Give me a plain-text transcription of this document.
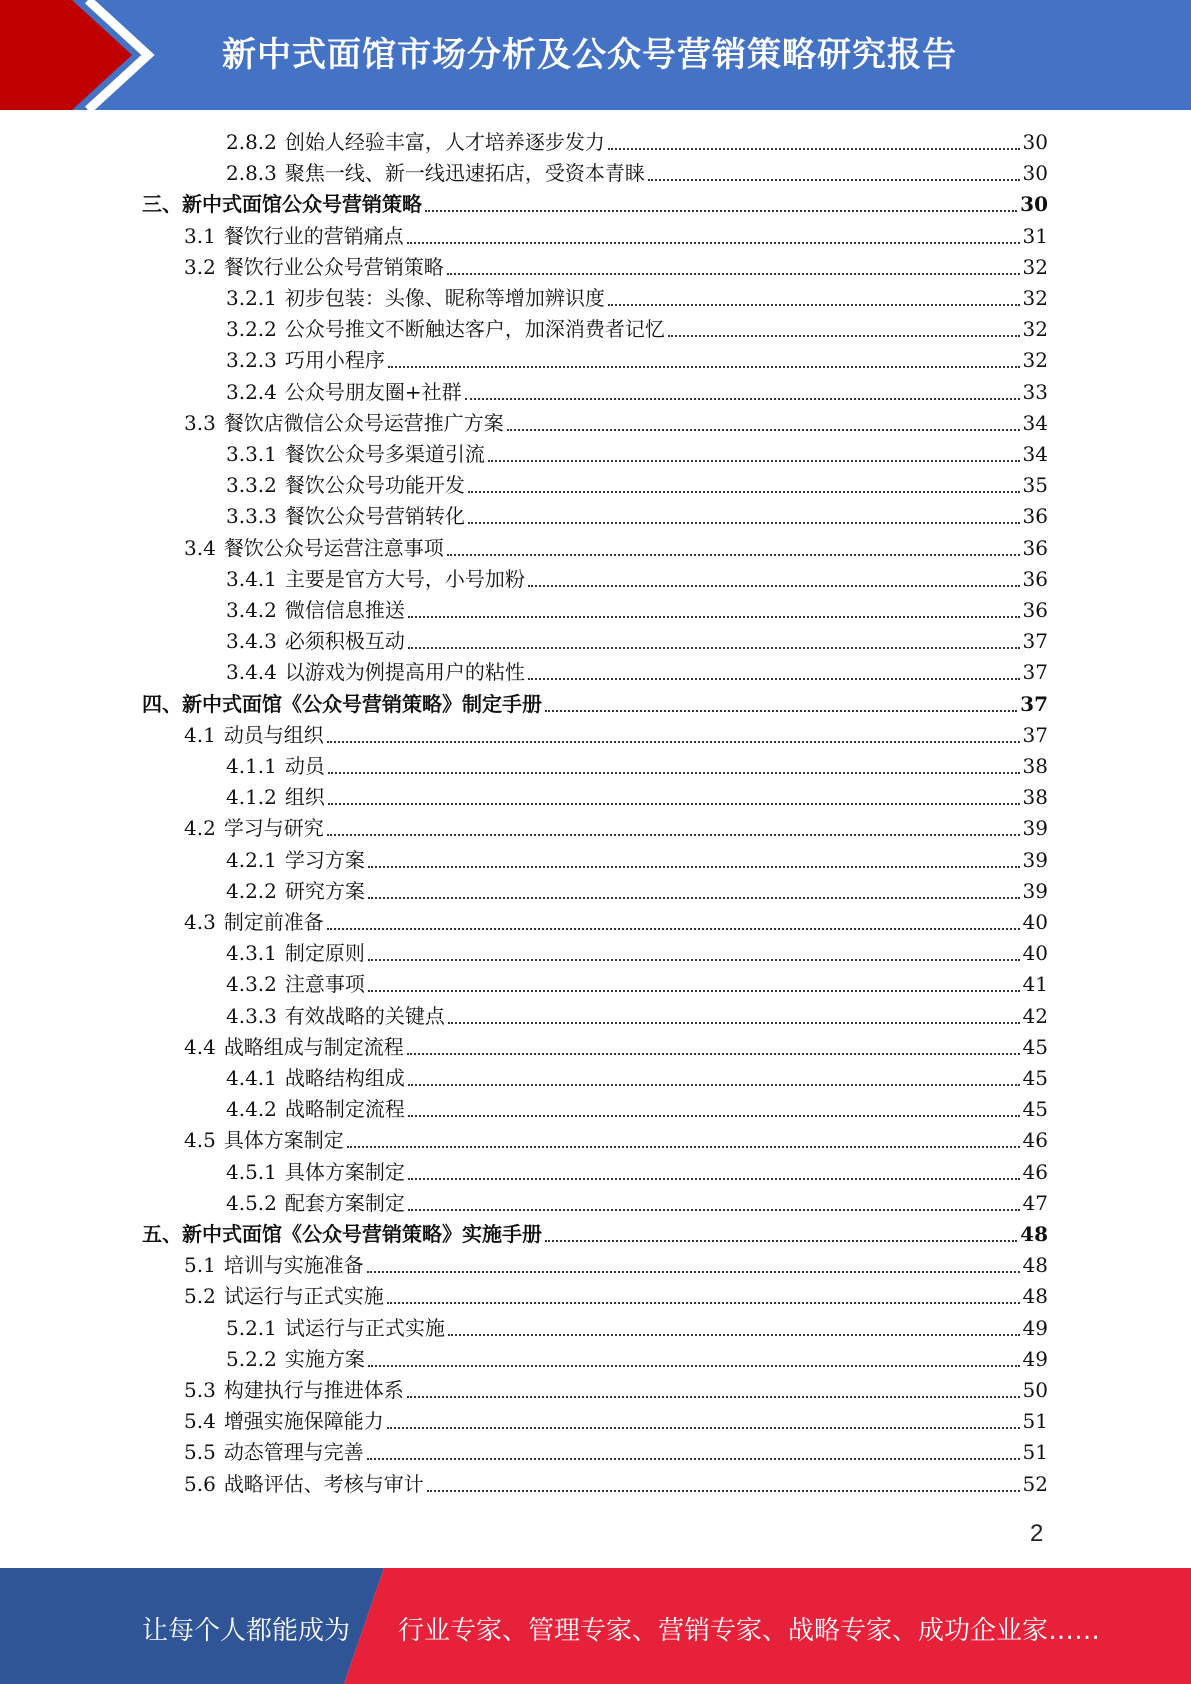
新中式面馆市场分析及公众号营销策略研究报告
2.8.2 创始人经验丰富，人才培养逐步发力	30
2.8.3 聚焦一线、新一线迅速拓店，受资本青睐	30
三、 新中式面馆公众号营销策略	30
3.1 餐饮行业的营销痛点	31
3.2 餐饮行业公众号营销策略	32
3.2.1 初步包装：头像、昵称等增加辨识度	32
3.2.2 公众号推文不断触达客户，加深消费者记忆	32
3.2.3 巧用小程序	32
3.2.4 公众号朋友圈+社群	33
3.3 餐饮店微信公众号运营推广方案	34
3.3.1 餐饮公众号多渠道引流	34
3.3.2 餐饮公众号功能开发	35
3.3.3 餐饮公众号营销转化	36
3.4 餐饮公众号运营注意事项	36
3.4.1 主要是官方大号，小号加粉	36
3.4.2 微信信息推送	36
3.4.3 必须积极互动	37
3.4.4 以游戏为例提高用户的粘性	37
四、 新中式面馆《公众号营销策略》制定手册	37
4.1 动员与组织	37
4.1.1 动员	38
4.1.2 组织	38
4.2 学习与研究	39
4.2.1 学习方案	39
4.2.2 研究方案	39
4.3 制定前准备	40
4.3.1 制定原则	40
4.3.2 注意事项	41
4.3.3 有效战略的关键点	42
4.4 战略组成与制定流程	45
4.4.1 战略结构组成	45
4.4.2 战略制定流程	45
4.5 具体方案制定	46
4.5.1 具体方案制定	46
4.5.2 配套方案制定	47
五、 新中式面馆《公众号营销策略》实施手册	48
5.1 培训与实施准备	48
5.2 试运行与正式实施	48
5.2.1 试运行与正式实施	49
5.2.2 实施方案	49
5.3 构建执行与推进体系	50
5.4 增强实施保障能力	51
5.5 动态管理与完善	51
5.6 战略评估、考核与审计	52
2
让每个人都能成为 行业专家、管理专家、营销专家、战略专家、成功企业家……
